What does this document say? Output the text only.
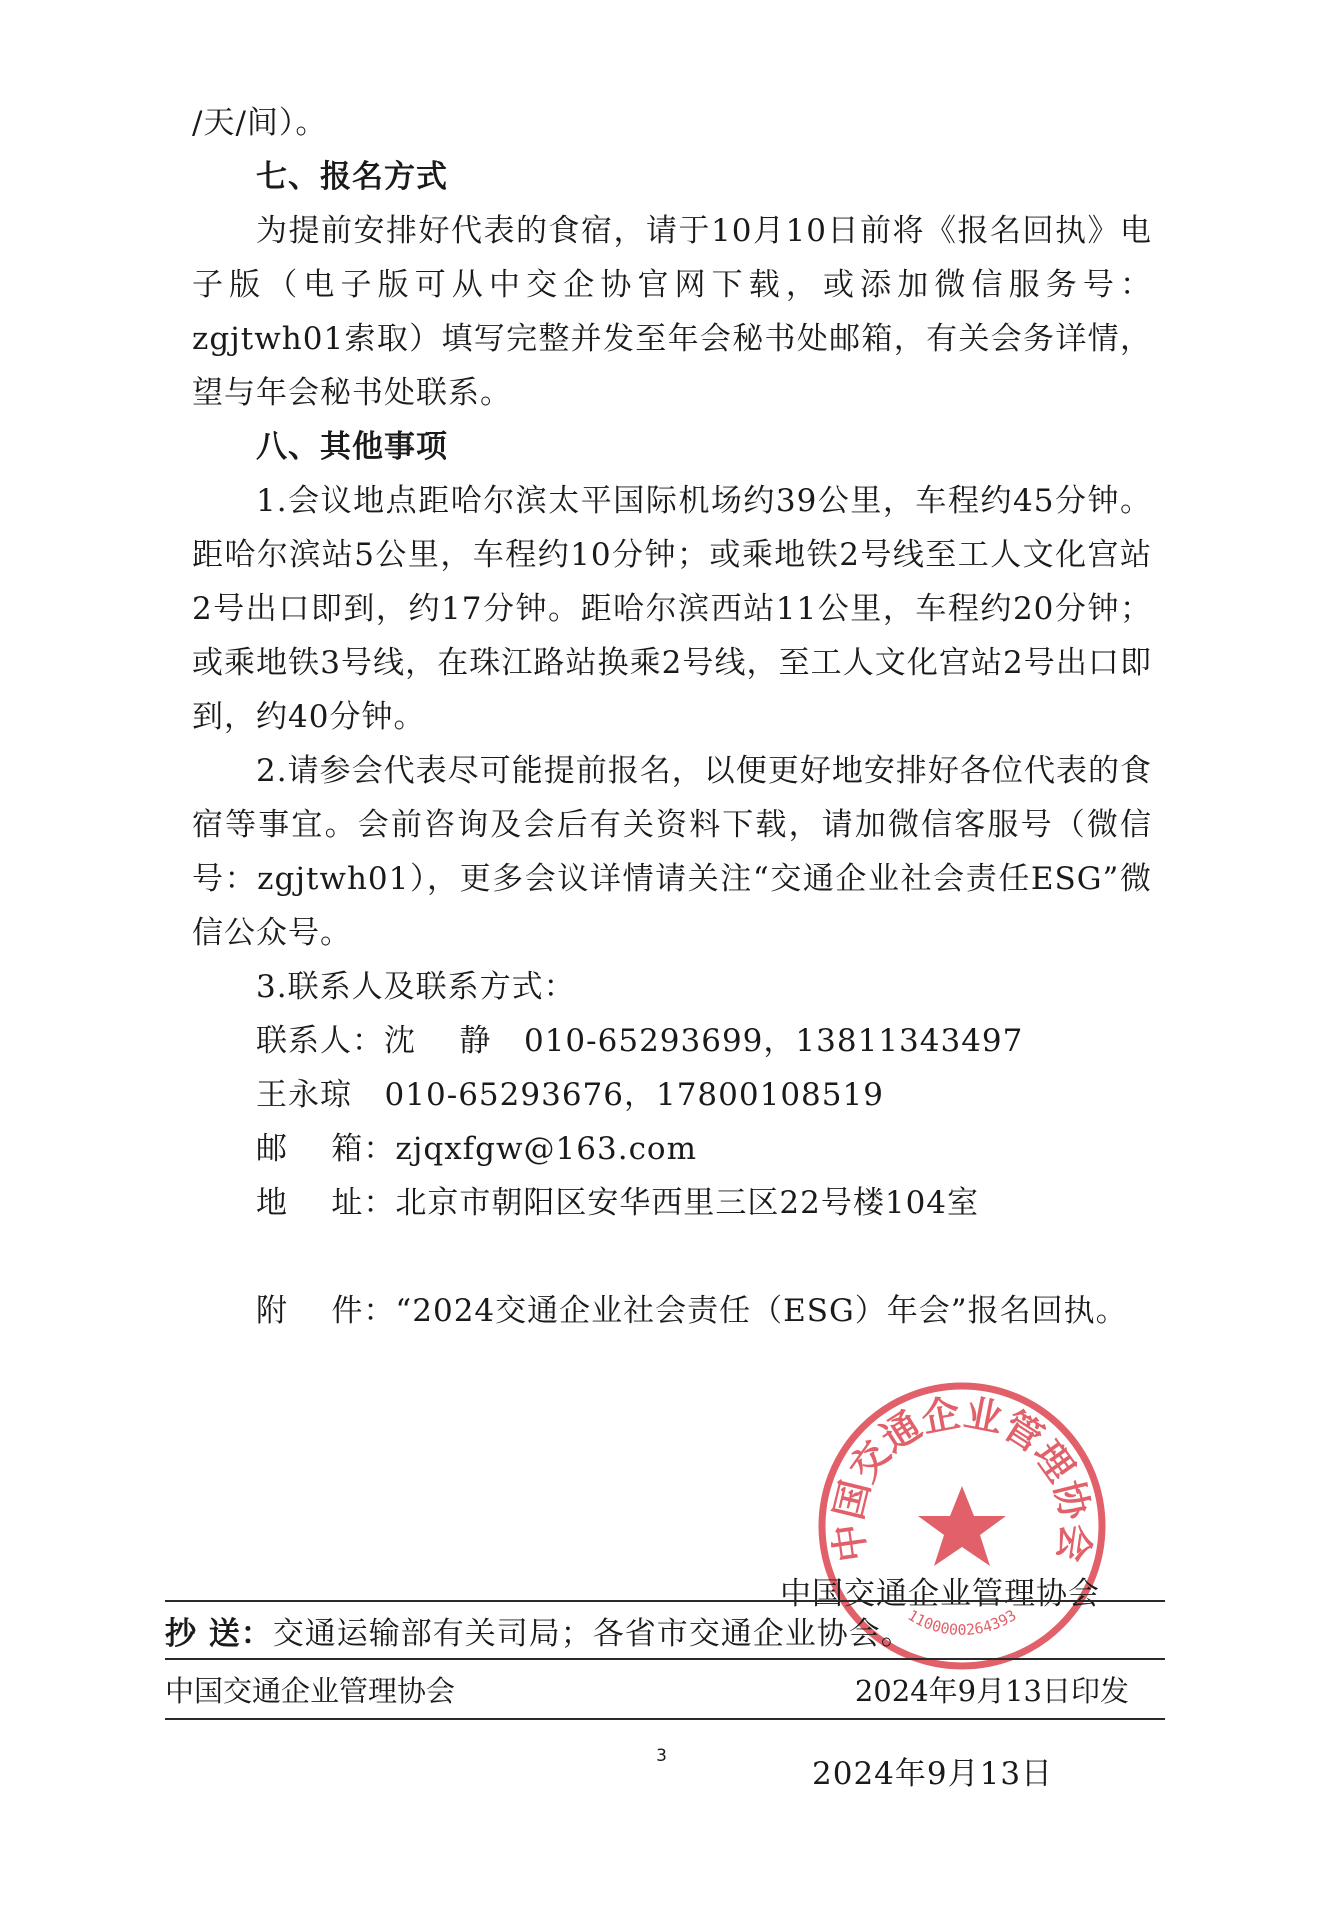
/天/间）。

七、报名方式

为提前安排好代表的食宿，请于10月10日前将《报名回执》电子版（电子版可从中交企协官网下载，或添加微信服务号：zgjtwh01索取）填写完整并发至年会秘书处邮箱，有关会务详情，望与年会秘书处联系。

八、其他事项

1.会议地点距哈尔滨太平国际机场约39公里，车程约45分钟。距哈尔滨站5公里，车程约10分钟；或乘地铁2号线至工人文化宫站2号出口即到，约17分钟。距哈尔滨西站11公里，车程约20分钟；或乘地铁3号线，在珠江路站换乘2号线，至工人文化宫站2号出口即到，约40分钟。

2.请参会代表尽可能提前报名，以便更好地安排好各位代表的食宿等事宜。会前咨询及会后有关资料下载，请加微信客服号（微信号：zgjtwh01），更多会议详情请关注“交通企业社会责任ESG”微信公众号。

3.联系人及联系方式：

联系人：沈    静   010-65293699，13811343497

王永琼   010-65293676，17800108519

邮    箱：zjqxfgw@163.com

地    址：北京市朝阳区安华西里三区22号楼104室

附    件：“2024交通企业社会责任（ESG）年会”报名回执。

中国交通企业管理协会
1100000264393

中国交通企业管理协会

2024年9月13日

抄 送： 交通运输部有关司局；各省市交通企业协会。
中国交通企业管理协会	2024年9月13日印发
3
